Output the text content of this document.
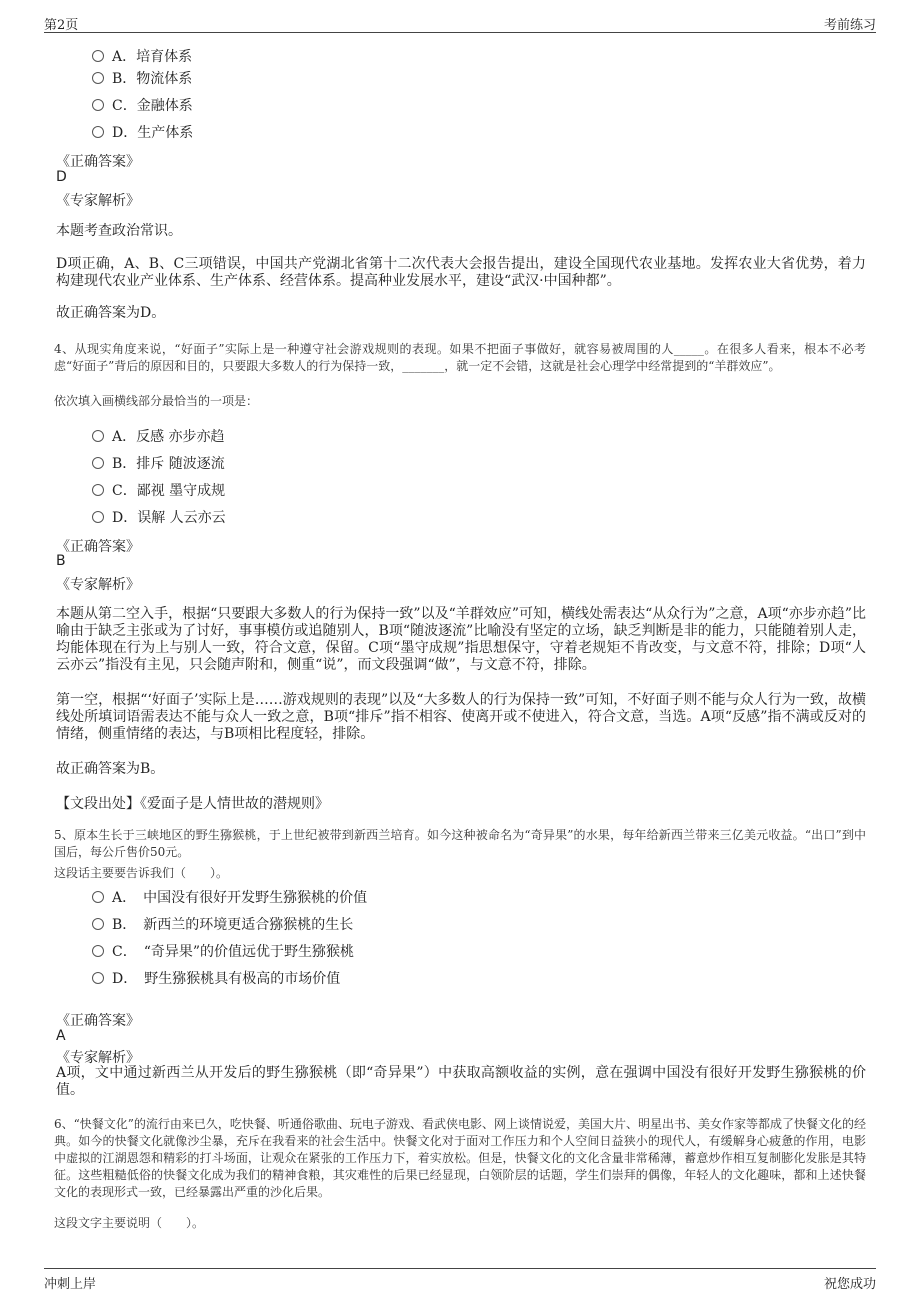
第2页	考前练习
A．培育体系
B．物流体系
C．金融体系
D．生产体系
《正确答案》
D
《专家解析》
本题考查政治常识。
D项正确，A、B、C三项错误，中国共产党湖北省第十二次代表大会报告提出，建设全国现代农业基地。发挥农业大省优势，着力构建现代农业产业体系、生产体系、经营体系。提高种业发展水平，建设“武汉·中国种都”。
故正确答案为D。
4、从现实角度来说，“好面子”实际上是一种遵守社会游戏规则的表现。如果不把面子事做好，就容易被周围的人_____。在很多人看来，根本不必考虑“好面子”背后的原因和目的，只要跟大多数人的行为保持一致，_______，就一定不会错，这就是社会心理学中经常提到的“羊群效应”。
依次填入画横线部分最恰当的一项是：
A．反感 亦步亦趋
B．排斥 随波逐流
C．鄙视 墨守成规
D．误解 人云亦云
《正确答案》
B
《专家解析》
本题从第二空入手，根据“只要跟大多数人的行为保持一致”以及“羊群效应”可知，横线处需表达“从众行为”之意，A项“亦步亦趋”比喻由于缺乏主张或为了讨好，事事模仿或追随别人，B项“随波逐流”比喻没有坚定的立场，缺乏判断是非的能力，只能随着别人走，均能体现在行为上与别人一致，符合文意，保留。C项“墨守成规”指思想保守，守着老规矩不肯改变，与文意不符，排除；D项“人云亦云”指没有主见，只会随声附和，侧重“说”，而文段强调“做”，与文意不符，排除。
第一空，根据“‘好面子’实际上是……游戏规则的表现”以及“大多数人的行为保持一致”可知，不好面子则不能与众人行为一致，故横线处所填词语需表达不能与众人一致之意，B项“排斥”指不相容、使离开或不使进入，符合文意，当选。A项“反感”指不满或反对的情绪，侧重情绪的表达，与B项相比程度轻，排除。
故正确答案为B。
【文段出处】《爱面子是人情世故的潜规则》
5、原本生长于三峡地区的野生猕猴桃，于上世纪被带到新西兰培育。如今这种被命名为“奇异果”的水果，每年给新西兰带来三亿美元收益。“出口”到中国后，每公斤售价50元。
这段话主要要告诉我们（　　）。
A．　中国没有很好开发野生猕猴桃的价值
B．　新西兰的环境更适合猕猴桃的生长
C．　“奇异果”的价值远优于野生猕猴桃
D．　野生猕猴桃具有极高的市场价值
《正确答案》
A
《专家解析》
A项，文中通过新西兰从开发后的野生猕猴桃（即“奇异果”）中获取高额收益的实例，意在强调中国没有很好开发野生猕猴桃的价值。
6、“快餐文化”的流行由来已久，吃快餐、听通俗歌曲、玩电子游戏、看武侠电影、网上谈情说爱，美国大片、明星出书、美女作家等都成了快餐文化的经典。如今的快餐文化就像沙尘暴，充斥在我看来的社会生活中。快餐文化对于面对工作压力和个人空间日益狭小的现代人，有缓解身心疲惫的作用，电影中虚拟的江湖恩怨和精彩的打斗场面，让观众在紧张的工作压力下，着实放松。但是，快餐文化的文化含量非常稀薄，蓄意炒作相互复制膨化发胀是其特征。这些粗糙低俗的快餐文化成为我们的精神食粮，其灾难性的后果已经显现，白领阶层的话题，学生们崇拜的偶像，年轻人的文化趣味，都和上述快餐文化的表现形式一致，已经暴露出严重的沙化后果。
这段文字主要说明（　　）。
冲刺上岸	祝您成功
